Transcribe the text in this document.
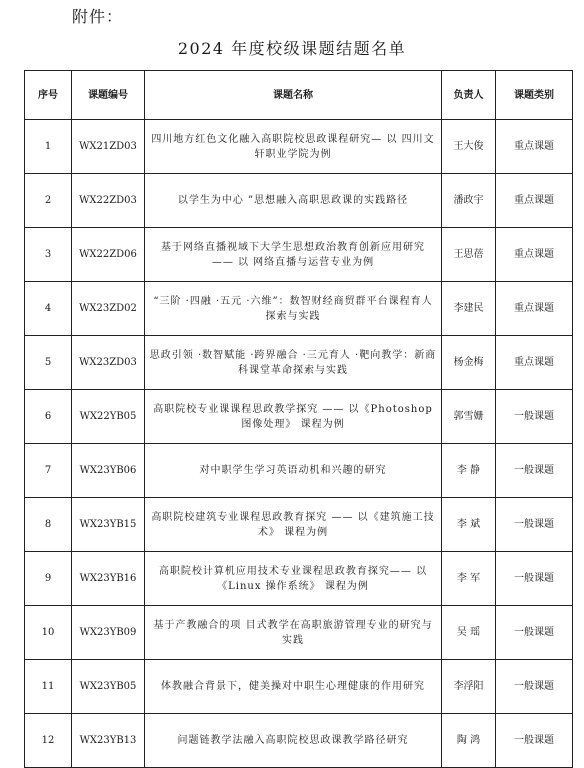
附件：
2024 年度校级课题结题名单
序号	课题编号	课题名称	负责人	课题类别
1	WX21ZD03	四川地方红色文化融入高职院校思政课程研究— 以 四川文轩职业学院为例	王大俊	重点课题
2	WX22ZD03	以学生为中心 ”思想融入高职思政课的实践路径	潘政宇	重点课题
3	WX22ZD06	基于网络直播视域下大学生思想政治教育创新应用研究 —— 以 网络直播与运营专业为例	王思蓓	重点课题
4	WX23ZD02	“三阶 ·四融 ·五元 ·六维”：数智财经商贸群平台课程育人探索与实践	李建民	重点课题
5	WX23ZD03	思政引领 ·数智赋能 ·跨界融合 ·三元育人 ·靶向教学：新商科课堂革命探索与实践	杨金梅	重点课题
6	WX22YB05	高职院校专业课课程思政教学探究 —— 以《Photoshop 图像处理》 课程为例	郭雪姗	一般课题
7	WX23YB06	对中职学生学习英语动机和兴趣的研究	李 静	一般课题
8	WX23YB15	高职院校建筑专业课程思政教育探究 —— 以《建筑施工技术》 课程为例	李 斌	一般课题
9	WX23YB16	高职院校计算机应用技术专业课程思政教育探究—— 以《Linux 操作系统》 课程为例	李 军	一般课题
10	WX23YB09	基于产教融合的项 目式教学在高职旅游管理专业的研究与实践	吴 瑶	一般课题
11	WX23YB05	体教融合背景下，健美操对中职生心理健康的作用研究	李浮阳	一般课题
12	WX23YB13	问题链教学法融入高职院校思政课教学路径研究	陶 鸿	一般课题
